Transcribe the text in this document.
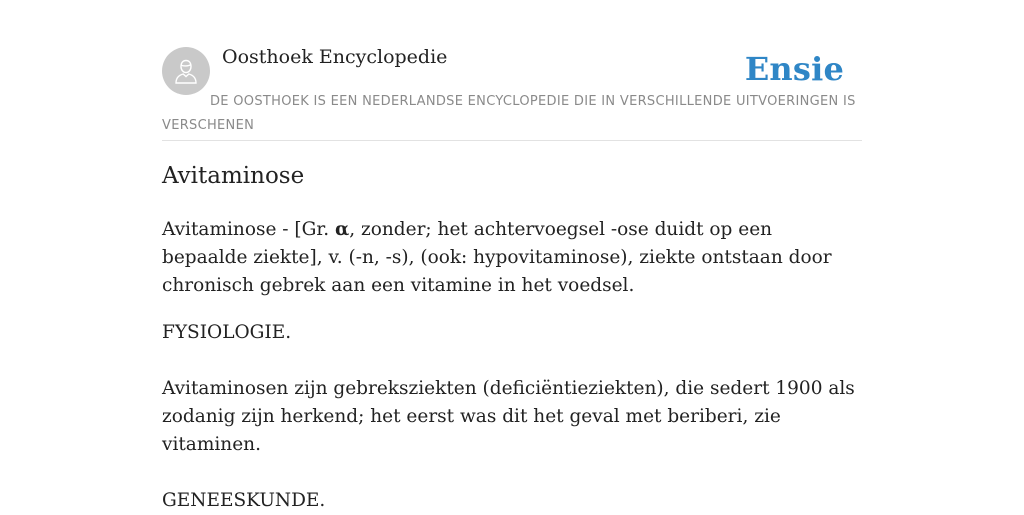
Oosthoek Encyclopedie	Ensie
DE OOSTHOEK IS EEN NEDERLANDSE ENCYCLOPEDIE DIE IN VERSCHILLENDE UITVOERINGEN IS VERSCHENEN
Avitaminose

Avitaminose - [Gr. α, zonder; het achtervoegsel -ose duidt op een bepaalde ziekte], v. (-n, -s), (ook: hypovitaminose), ziekte ontstaan door chronisch gebrek aan een vitamine in het voedsel.

FYSIOLOGIE.

Avitaminosen zijn gebreksziekten (deficiëntieziekten), die sedert 1900 als zodanig zijn herkend; het eerst was dit het geval met beriberi, zie vitaminen.

GENEESKUNDE.
